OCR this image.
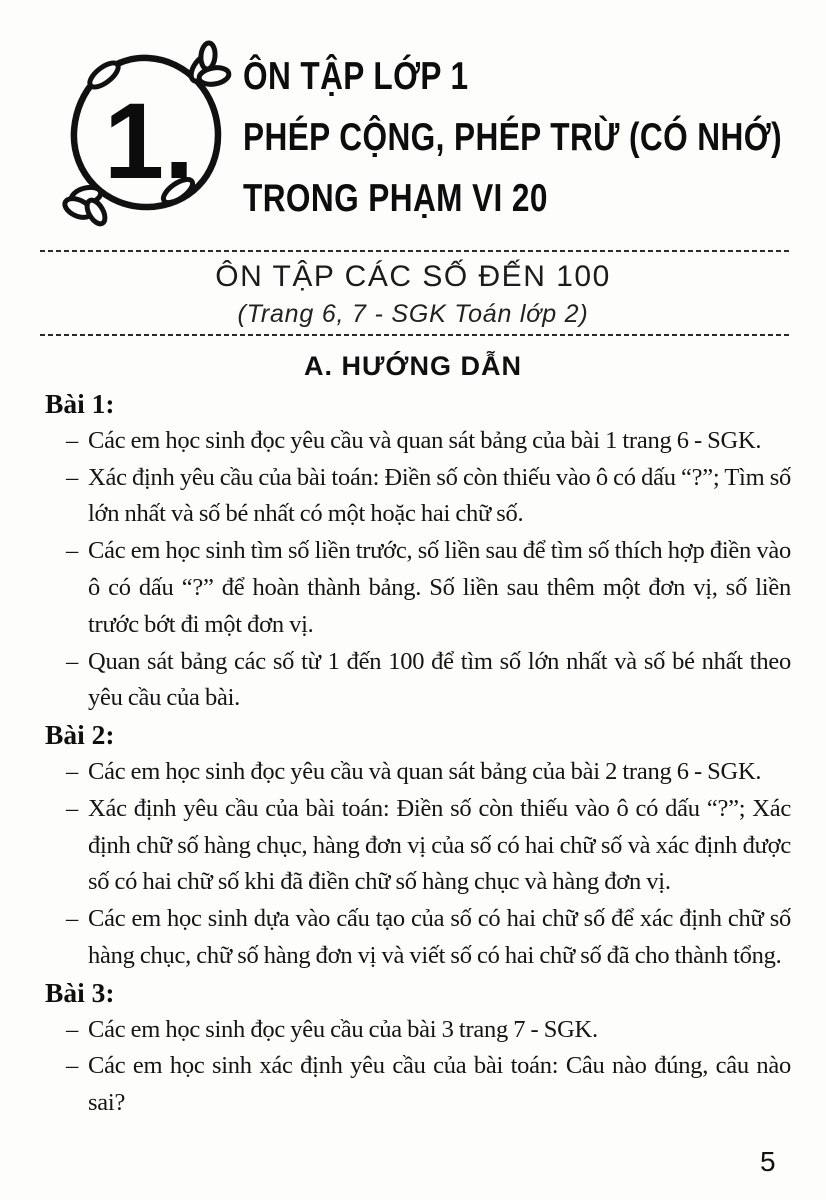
1.
ÔN TẬP LỚP 1
PHÉP CỘNG, PHÉP TRỪ (CÓ NHỚ)
TRONG PHẠM VI 20
ÔN TẬP CÁC SỐ ĐẾN 100
(Trang 6, 7 - SGK Toán lớp 2)
A. HƯỚNG DẪN
Bài 1:

– Các em học sinh đọc yêu cầu và quan sát bảng của bài 1 trang 6 - SGK.

– Xác định yêu cầu của bài toán: Điền số còn thiếu vào ô có dấu “?”; Tìm số lớn nhất và số bé nhất có một hoặc hai chữ số.

– Các em học sinh tìm số liền trước, số liền sau để tìm số thích hợp điền vào ô có dấu “?” để hoàn thành bảng. Số liền sau thêm một đơn vị, số liền trước bớt đi một đơn vị.

– Quan sát bảng các số từ 1 đến 100 để tìm số lớn nhất và số bé nhất theo yêu cầu của bài.

Bài 2:

– Các em học sinh đọc yêu cầu và quan sát bảng của bài 2 trang 6 - SGK.

– Xác định yêu cầu của bài toán: Điền số còn thiếu vào ô có dấu “?”; Xác định chữ số hàng chục, hàng đơn vị của số có hai chữ số và xác định được số có hai chữ số khi đã điền chữ số hàng chục và hàng đơn vị.

– Các em học sinh dựa vào cấu tạo của số có hai chữ số để xác định chữ số hàng chục, chữ số hàng đơn vị và viết số có hai chữ số đã cho thành tổng.

Bài 3:

– Các em học sinh đọc yêu cầu của bài 3 trang 7 - SGK.

– Các em học sinh xác định yêu cầu của bài toán: Câu nào đúng, câu nào sai?

5
